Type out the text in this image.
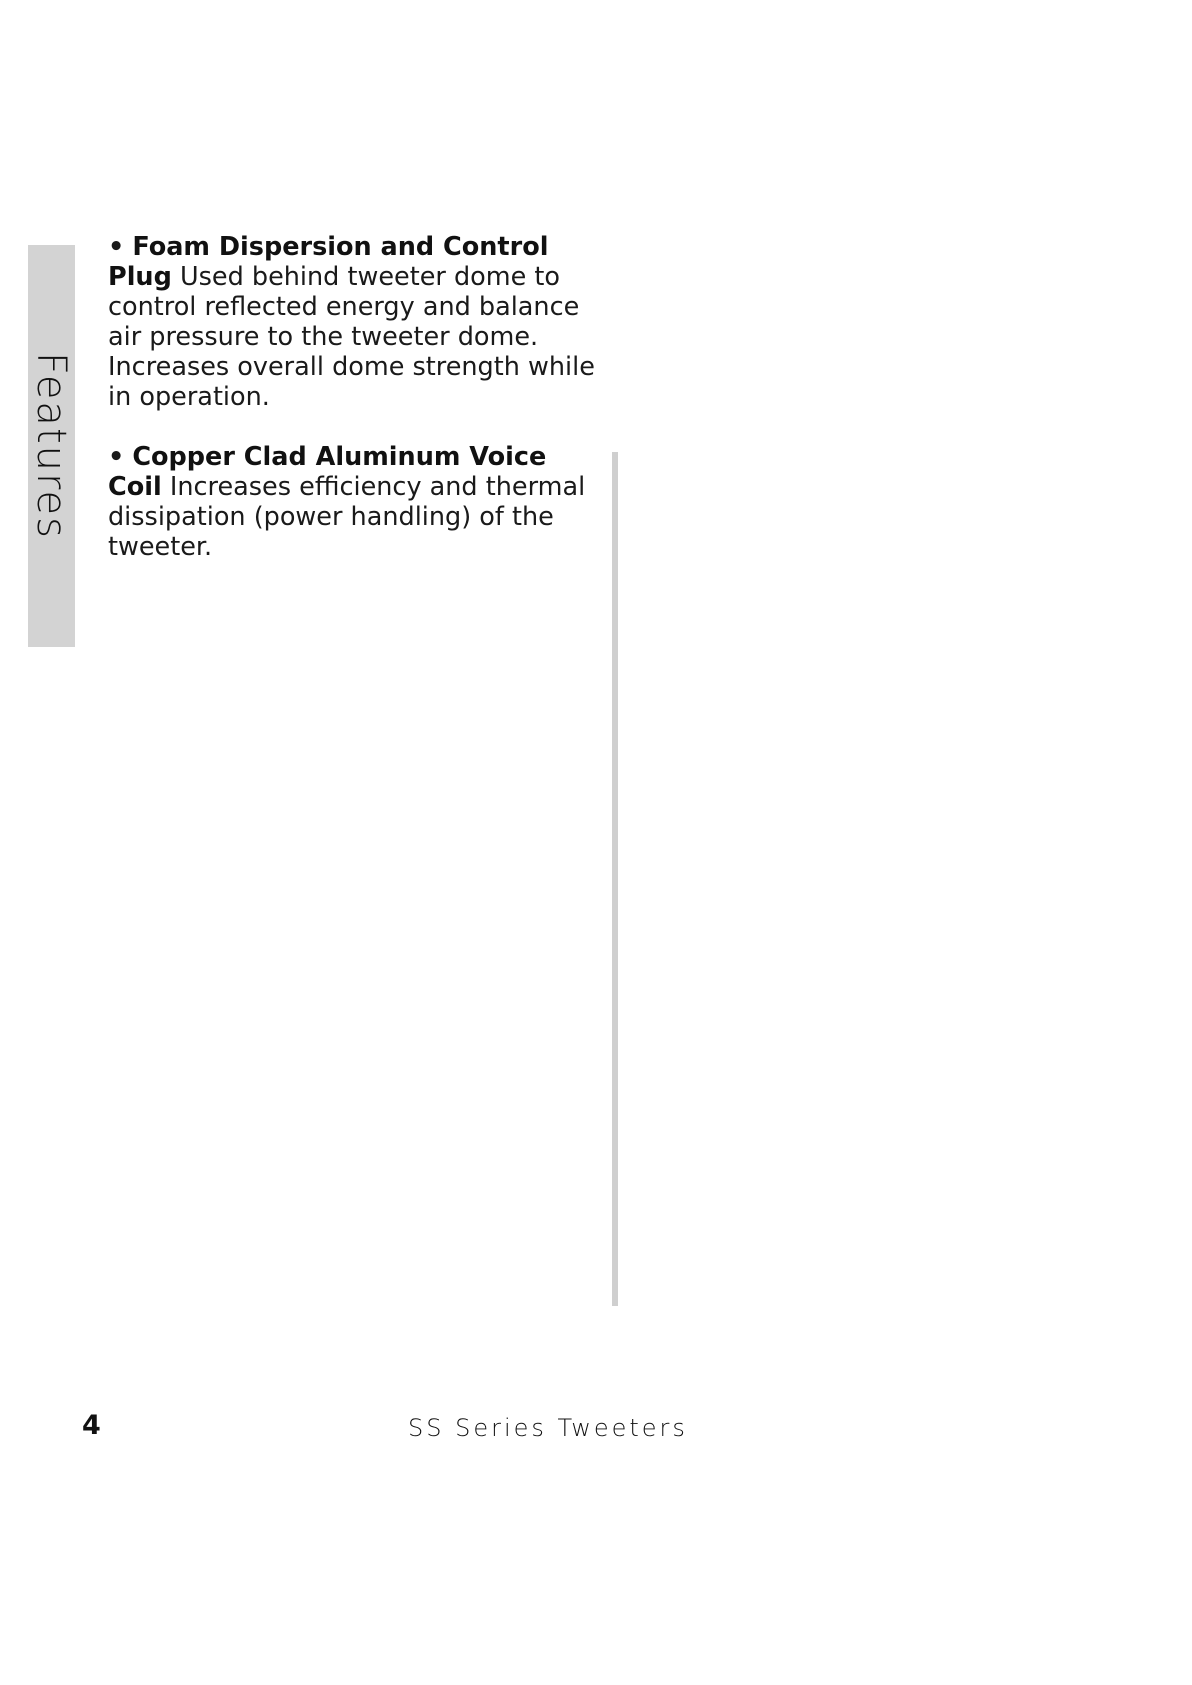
Features

• Foam Dispersion and Control Plug Used behind tweeter dome to control reflected energy and balance air pressure to the tweeter dome. Increases overall dome strength while in operation.

• Copper Clad Aluminum Voice Coil Increases efficiency and thermal dissipation (power handling) of the tweeter.

4	SS Series Tweeters
